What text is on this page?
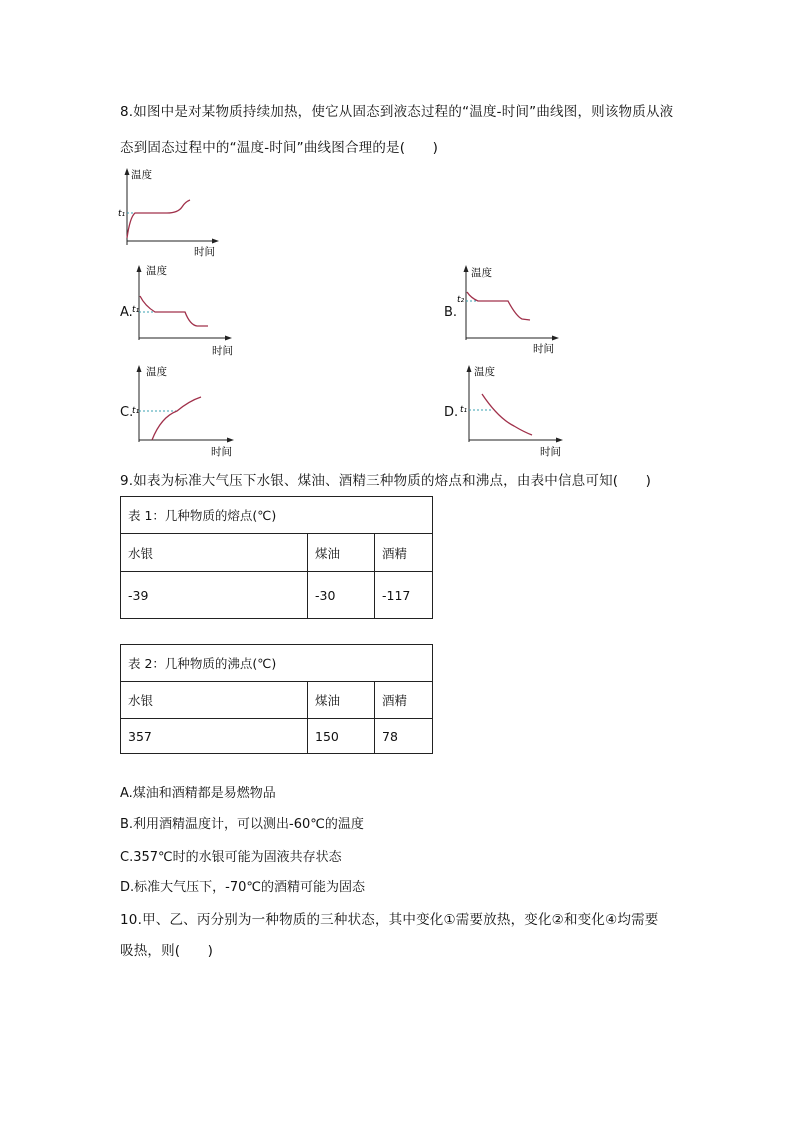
8.如图中是对某物质持续加热，使它从固态到液态过程的“温度-时间”曲线图，则该物质从液
态到固态过程中的“温度-时间”曲线图合理的是(　　)
温度
时间
t₁
A.
温度
时间
t₁	B.
温度
时间
t₂
C.
温度
时间
t₁	D.
温度
时间
t₁
9.如表为标准大气压下水银、煤油、酒精三种物质的熔点和沸点，由表中信息可知(　　)
表 1：几种物质的熔点(℃)		
水银	煤油	酒精
-39	-30	-117
表 2：几种物质的沸点(℃)		
水银	煤油	酒精
357	150	78
A.煤油和酒精都是易燃物品
B.利用酒精温度计，可以测出-60℃的温度
C.357℃时的水银可能为固液共存状态
D.标准大气压下，-70℃的酒精可能为固态
10.甲、乙、丙分别为一种物质的三种状态，其中变化①需要放热，变化②和变化④均需要
吸热，则(　　)
